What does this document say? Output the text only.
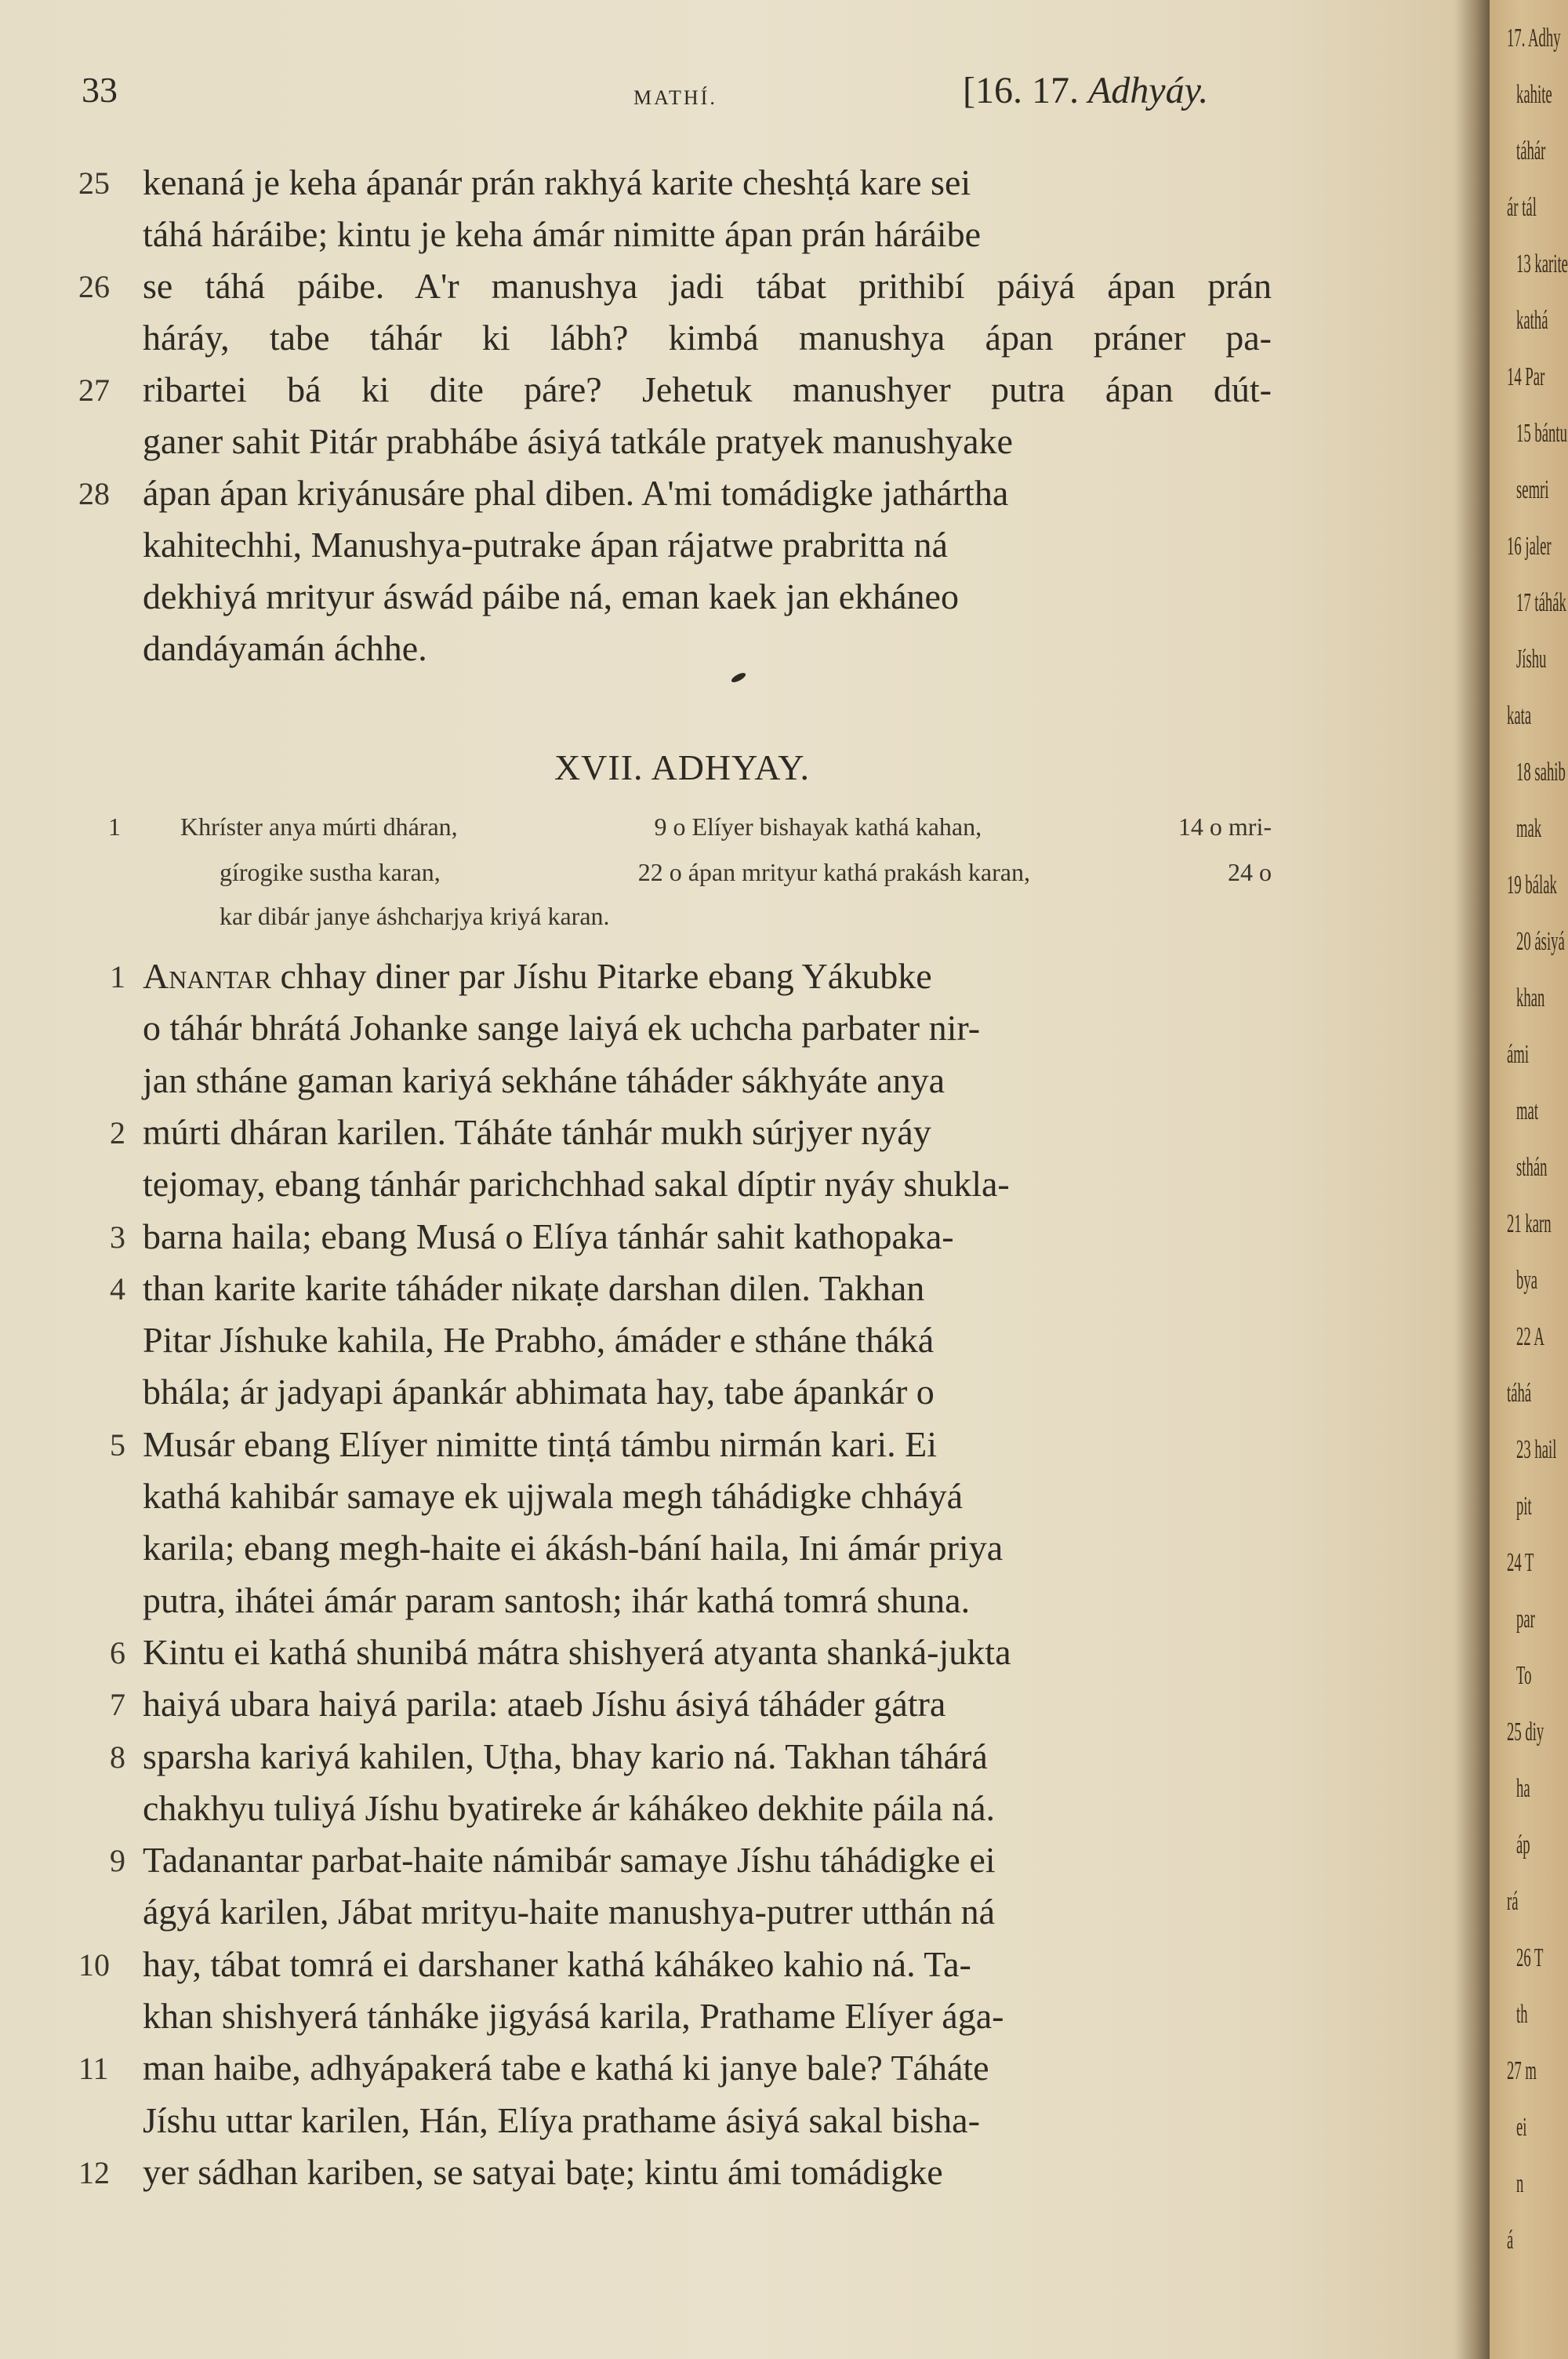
33	MATHÍ.	[16. 17. Adhyáy.
XVII. ADHYAY.
25 kenaná je keha ápanár prán rakhyá karite cheshṭá kare sei
táhá háráibe; kintu je keha ámár nimitte ápan prán háráibe
26 se táhá páibe. A'r manushya jadi tábat prithibí páiyá ápan prán
háráy, tabe táhár ki lábh? kimbá manushya ápan práner pa-
27 ribartei bá ki dite páre? Jehetuk manushyer putra ápan dút-
ganer sahit Pitár prabhábe ásiyá tatkále pratyek manushyake
28 ápan ápan kriyánusáre phal diben. A'mi tomádigke jathártha
kahitechhi, Manushya-putrake ápan rájatwe prabritta ná
dekhiyá mrityur áswád páibe ná, eman kaek jan ekháneo
dandáyamán áchhe.
1 Anantar chhay diner par Jíshu Pitarke ebang Yákubke
o táhár bhrátá Johanke sange laiyá ek uchcha parbater nir-
jan stháne gaman kariyá sekháne táháder sákhyáte anya
2 múrti dháran karilen. Táháte tánhár mukh súrjyer nyáy
tejomay, ebang tánhár parichchhad sakal díptir nyáy shukla-
3 barna haila; ebang Musá o Elíya tánhár sahit kathopaka-
4 than karite karite táháder nikaṭe darshan dilen. Takhan
Pitar Jíshuke kahila, He Prabho, ámáder e stháne tháká
bhála; ár jadyapi ápankár abhimata hay, tabe ápankár o
5 Musár ebang Elíyer nimitte tinṭá támbu nirmán kari. Ei
kathá kahibár samaye ek ujjwala megh táhádigke chháyá
karila; ebang megh-haite ei ákásh-bání haila, Ini ámár priya
putra, ihátei ámár param santosh; ihár kathá tomrá shuna.
6 Kintu ei kathá shunibá mátra shishyerá atyanta shanká-jukta
7 haiyá ubara haiyá parila: ataeb Jíshu ásiyá táháder gátra
8 sparsha kariyá kahilen, Uṭha, bhay kario ná. Takhan táhárá
chakhyu tuliyá Jíshu byatireke ár káhákeo dekhite páila ná.
9 Tadanantar parbat-haite námibár samaye Jíshu táhádigke ei
ágyá karilen, Jábat mrityu-haite manushya-putrer utthán ná
10 hay, tábat tomrá ei darshaner kathá káhákeo kahio ná. Ta-
khan shishyerá tánháke jigyásá karila, Prathame Elíyer ága-
11 man haibe, adhyápakerá tabe e kathá ki janye bale? Táháte
Jíshu uttar karilen, Hán, Elíya prathame ásiyá sakal bisha-
12 yer sádhan kariben, se satyai baṭe; kintu ámi tomádigke
1 Khríster anya múrti dháran,	9 o Elíyer bishayak kathá kahan,	14 o mri-
gírogike sustha karan,	22 o ápan mrityur kathá prakásh karan,	24 o
kar dibár janye áshcharjya kriyá karan.
17. Adhy
kahite
táhár
ár tál
13 karite
kathá
14 Par
15 bántu
semri
16 jaler
17 táhák
Jíshu
kata
18 sahib
mak
19 bálak
20 ásiyá
khan
ámi
mat
sthán
21 karn
bya
22 A
táhá
23 hail
pit
24 T
par
To
25 diy
ha
áp
rá
26 T
th
27 m
ei
n
á
